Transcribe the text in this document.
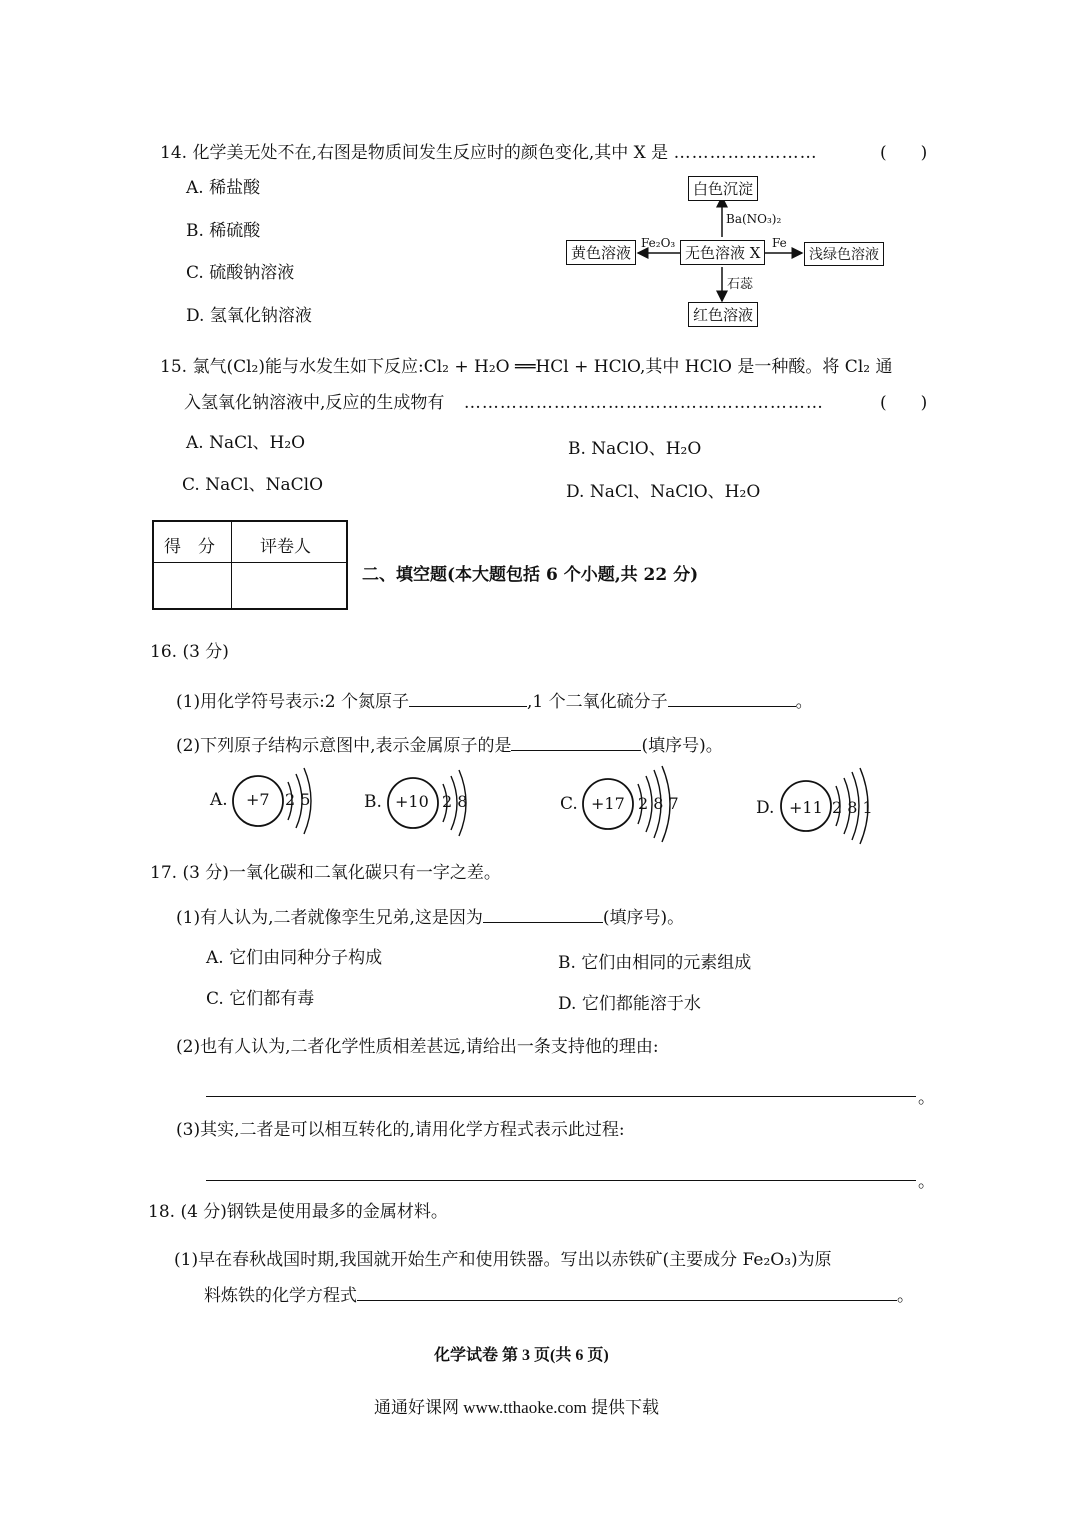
14. 化学美无处不在,右图是物质间发生反应时的颜色变化,其中 X 是 ……………………	(　　)
A. 稀盐酸
B. 稀硫酸
C. 硫酸钠溶液
D. 氢氧化钠溶液
白色沉淀
黄色溶液	无色溶液 X	浅绿色溶液
红色溶液
Ba(NO₃)₂
Fe₂O₃	Fe
石蕊
15. 氯气(Cl₂)能与水发生如下反应:Cl₂ + H₂O ══HCl + HClO,其中 HClO 是一种酸。将 Cl₂ 通
入氢氧化钠溶液中,反应的生成物有 ……………………………………………………	(　　)
A. NaCl、H₂O	B. NaClO、H₂O
C. NaCl、NaClO	D. NaCl、NaClO、H₂O
得　分	评卷人
二、填空题(本大题包括 6 个小题,共 22 分)
16. (3 分)
(1)用化学符号表示:2 个氮原子	,1 个二氧化硫分子	。
(2)下列原子结构示意图中,表示金属原子的是	(填序号)。
A. +7 2 5	B. +10 2 8	C. +17 2 8 7	D. +11 2 8 1
17. (3 分)一氧化碳和二氧化碳只有一字之差。
(1)有人认为,二者就像孪生兄弟,这是因为	(填序号)。
A. 它们由同种分子构成	B. 它们由相同的元素组成
C. 它们都有毒	D. 它们都能溶于水
(2)也有人认为,二者化学性质相差甚远,请给出一条支持他的理由:
。
(3)其实,二者是可以相互转化的,请用化学方程式表示此过程:
。
18. (4 分)钢铁是使用最多的金属材料。
(1)早在春秋战国时期,我国就开始生产和使用铁器。写出以赤铁矿(主要成分 Fe₂O₃)为原
料炼铁的化学方程式	。
化学试卷 第 3 页(共 6 页)
通通好课网 www.tthaoke.com 提供下载
